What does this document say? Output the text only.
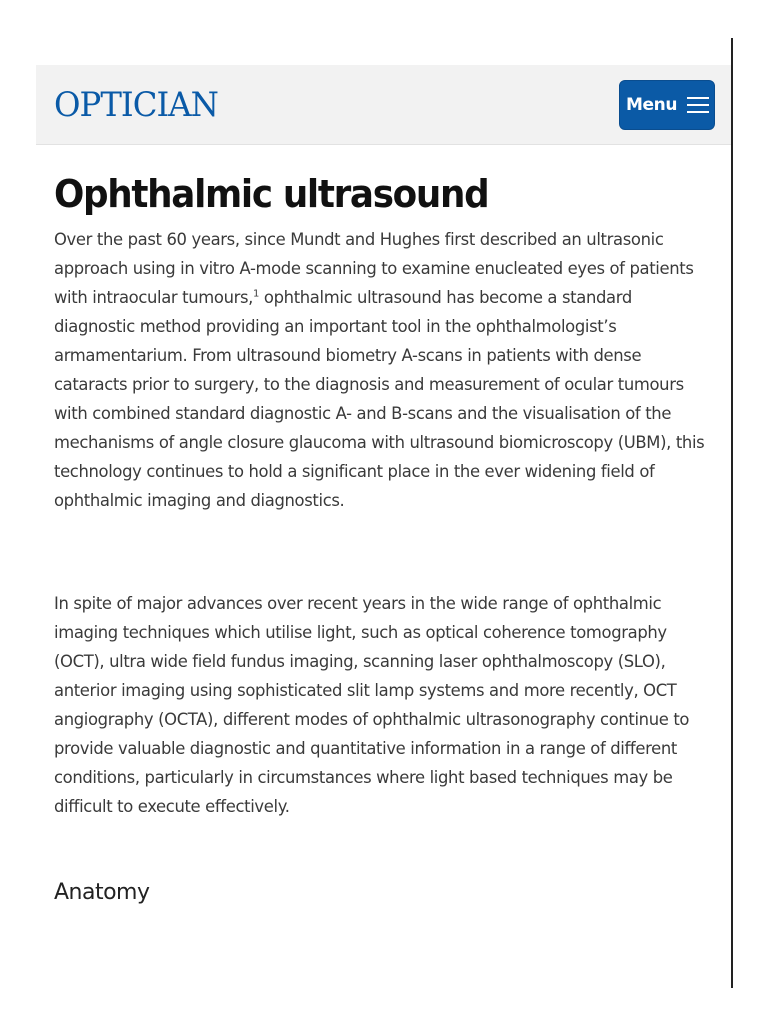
OPTICIAN	Menu
Ophthalmic ultrasound

Over the past 60 years, since Mundt and Hughes first described an ultrasonic approach using in vitro A-mode scanning to examine enucleated eyes of patients with intraocular tumours,$^1$ ophthalmic ultrasound has become a standard diagnostic method providing an important tool in the ophthalmologist’s armamentarium. From ultrasound biometry A-scans in patients with dense cataracts prior to surgery, to the diagnosis and measurement of ocular tumours with combined standard diagnostic A- and B-scans and the visualisation of the mechanisms of angle closure glaucoma with ultrasound biomicroscopy (UBM), this technology continues to hold a significant place in the ever widening field of ophthalmic imaging and diagnostics.

In spite of major advances over recent years in the wide range of ophthalmic imaging techniques which utilise light, such as optical coherence tomography (OCT), ultra wide field fundus imaging, scanning laser ophthalmoscopy (SLO), anterior imaging using sophisticated slit lamp systems and more recently, OCT angiography (OCTA), different modes of ophthalmic ultrasonography continue to provide valuable diagnostic and quantitative information in a range of different conditions, particularly in circumstances where light based techniques may be difficult to execute effectively.

Anatomy
